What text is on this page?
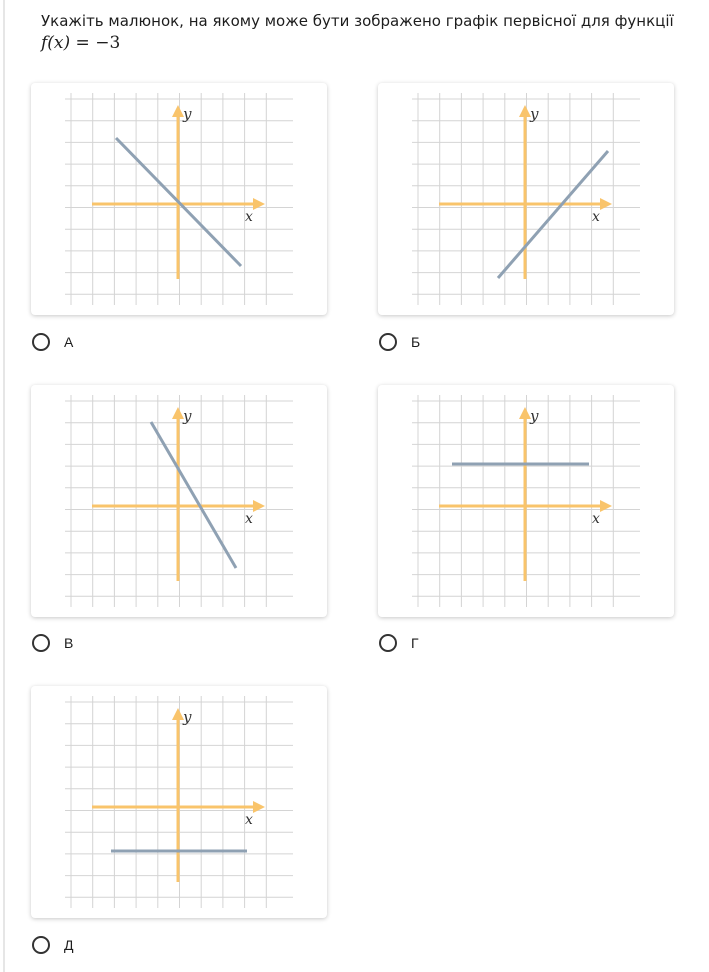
Укажіть малюнок, на якому може бути зображено графік первісної для функції
f(x) = −3
x
y
А
x
y
Б
x
y
В
x
y
Г
x
y
Д
